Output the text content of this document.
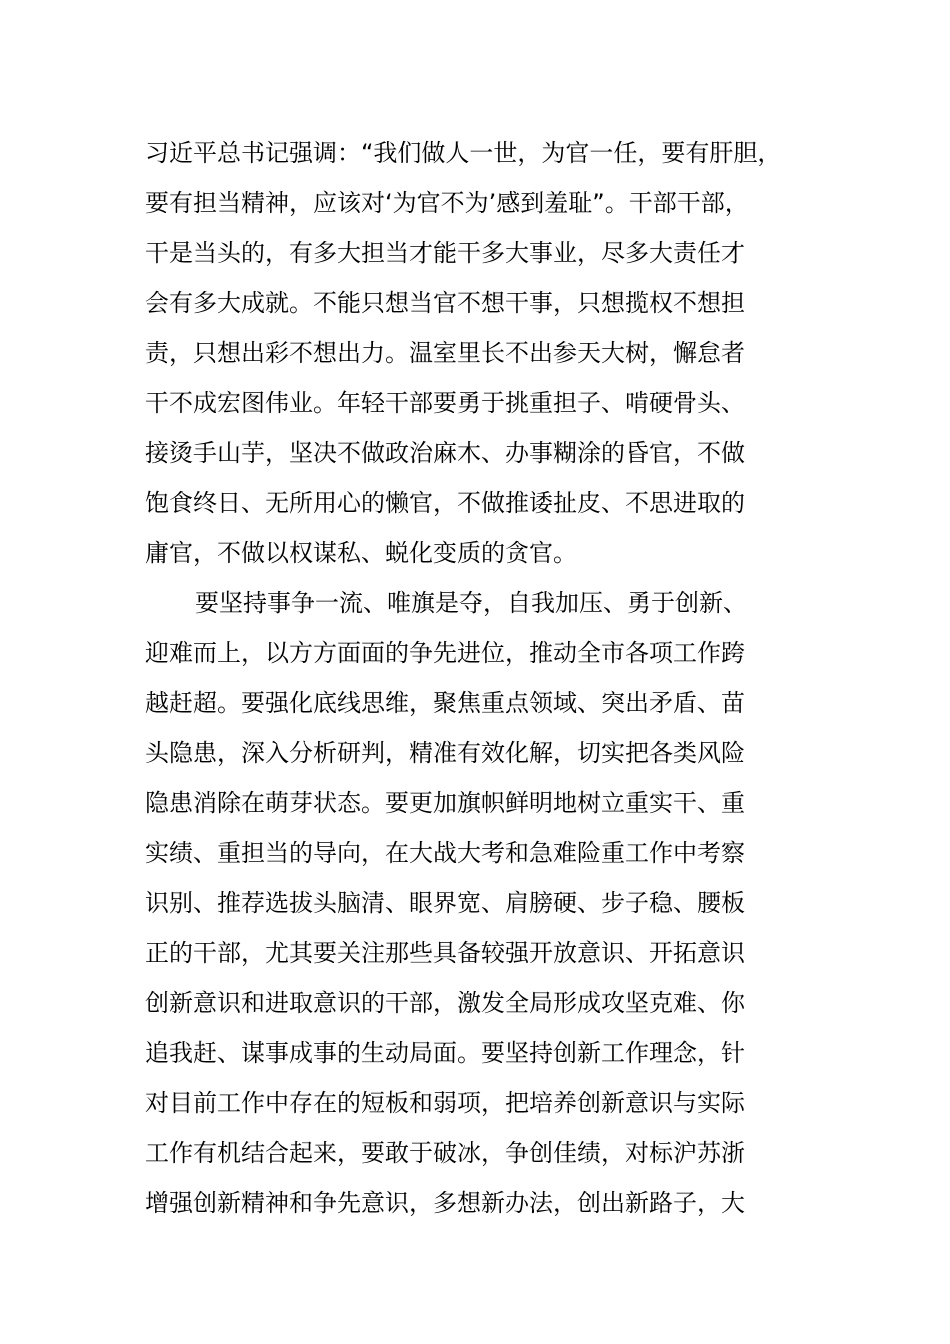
习近平总书记强调：“我们做人一世，为官一任，要有肝胆，
要有担当精神，应该对‘为官不为’感到羞耻”。干部干部，
干是当头的，有多大担当才能干多大事业，尽多大责任才
会有多大成就。不能只想当官不想干事，只想揽权不想担
责，只想出彩不想出力。温室里长不出参天大树，懈怠者
干不成宏图伟业。年轻干部要勇于挑重担子、啃硬骨头、
接烫手山芋，坚决不做政治麻木、办事糊涂的昏官，不做
饱食终日、无所用心的懒官，不做推诿扯皮、不思进取的
庸官，不做以权谋私、蜕化变质的贪官。
要坚持事争一流、唯旗是夺，自我加压、勇于创新、
迎难而上，以方方面面的争先进位，推动全市各项工作跨
越赶超。要强化底线思维，聚焦重点领域、突出矛盾、苗
头隐患，深入分析研判，精准有效化解，切实把各类风险
隐患消除在萌芽状态。要更加旗帜鲜明地树立重实干、重
实绩、重担当的导向，在大战大考和急难险重工作中考察
识别、推荐选拔头脑清、眼界宽、肩膀硬、步子稳、腰板
正的干部，尤其要关注那些具备较强开放意识、开拓意识
创新意识和进取意识的干部，激发全局形成攻坚克难、你
追我赶、谋事成事的生动局面。要坚持创新工作理念，针
对目前工作中存在的短板和弱项，把培养创新意识与实际
工作有机结合起来，要敢于破冰，争创佳绩，对标沪苏浙
增强创新精神和争先意识，多想新办法，创出新路子，大
